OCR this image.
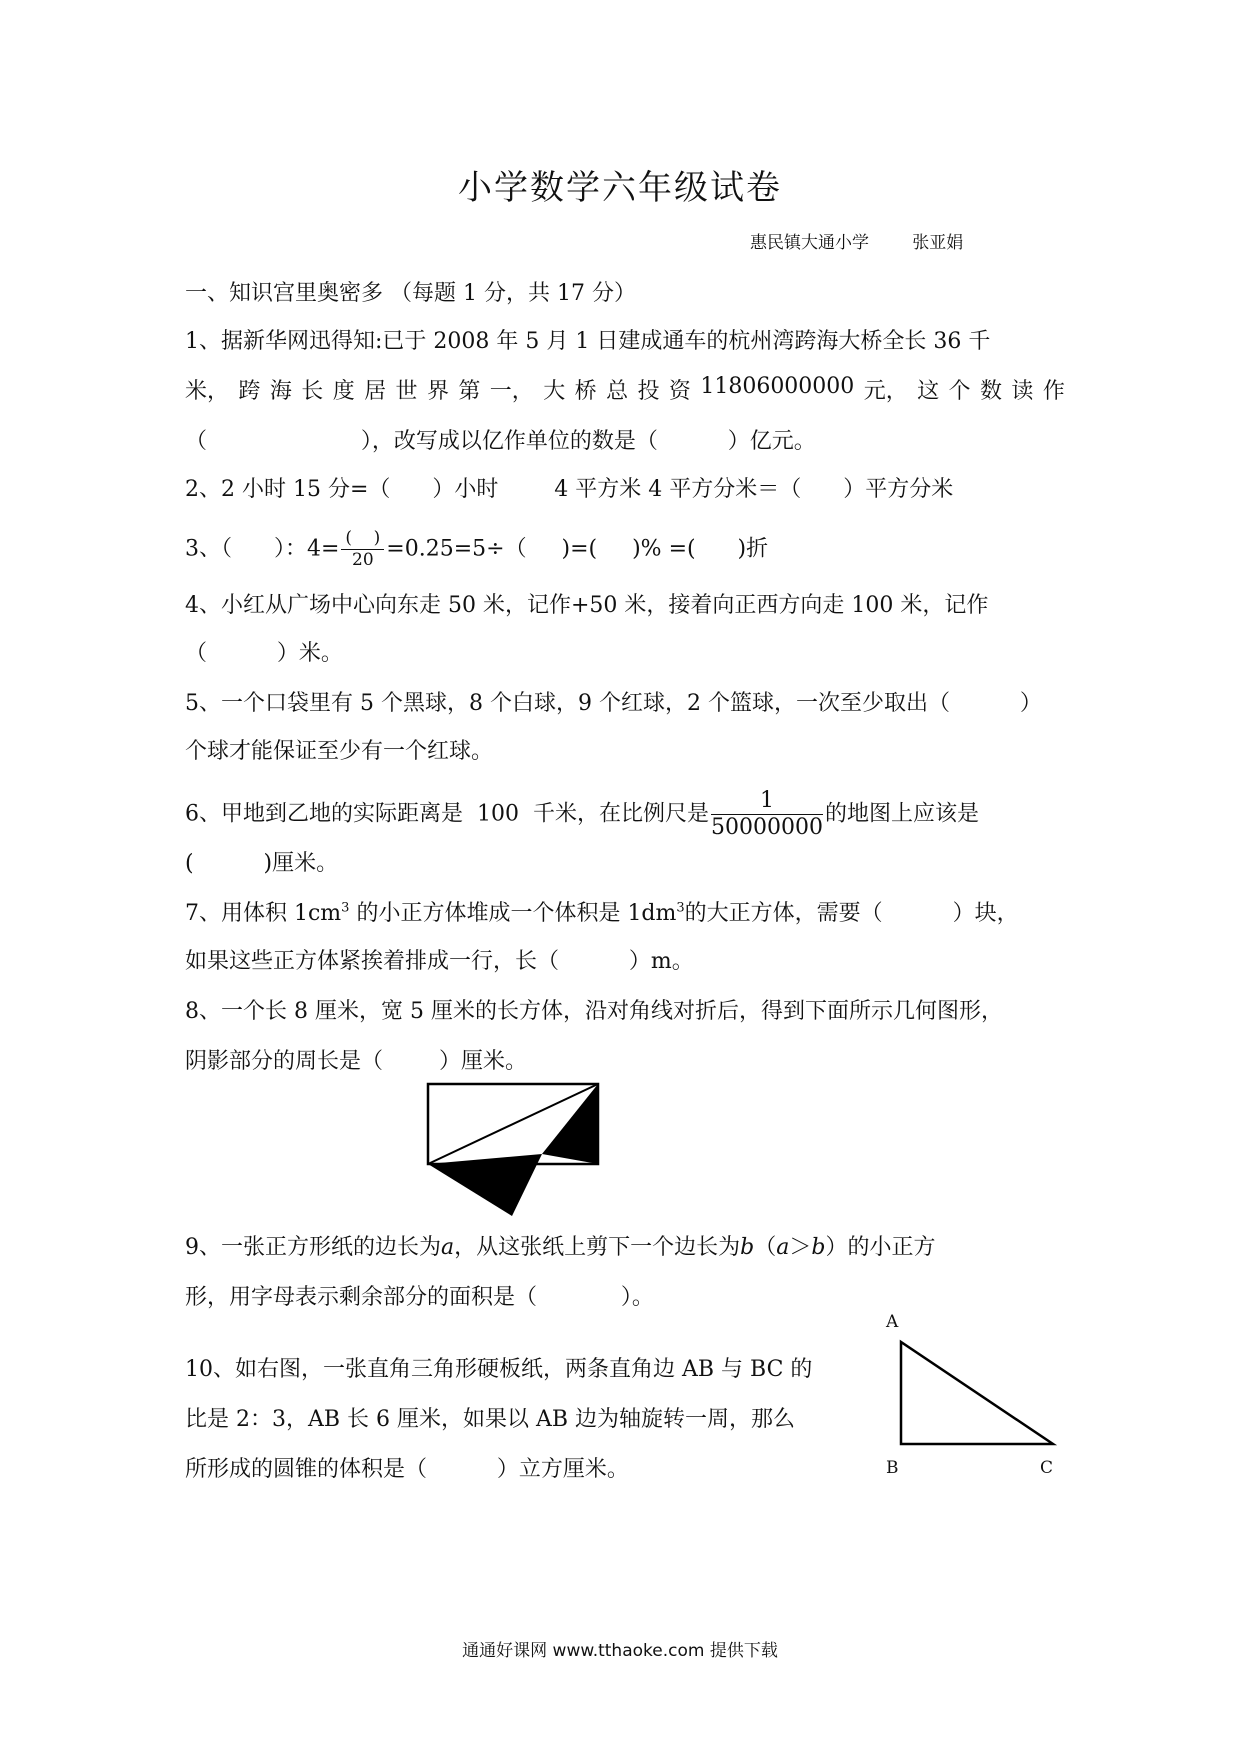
小学数学六年级试卷
惠民镇大通小学	张亚娟
一、知识宫里奥密多 （每题 1 分，共 17 分）
1、据新华网迅得知:已于 2008 年 5 月 1 日建成通车的杭州湾跨海大桥全长 36 千
米， 跨 海 长 度 居 世 界 第 一， 大 桥 总 投 资 11806000000 元， 这 个 数 读 作
（                      ），改写成以亿作单位的数是（          ）亿元。
2、2 小时 15 分=（      ）小时        4 平方米 4 平方分米＝（      ）平方分米
3、（      ）：$4= \frac{( )}{20} =0.25=5\div$（     )=(     )% =(      )折
4、小红从广场中心向东走 50 米，记作+50 米，接着向正西方向走 100 米，记作
（          ）米。
5、一个口袋里有 5 个黑球，8 个白球，9 个红球，2 个篮球，一次至少取出（          ）
个球才能保证至少有一个红球。
6、甲地到乙地的实际距离是  100  千米，在比例尺是 $\frac{1}{50000000}$ 的地图上应该是
(          )厘米。
7、用体积 $1cm^3$ 的小正方体堆成一个体积是 $1dm^3$的大正方体，需要（          ）块，
如果这些正方体紧挨着排成一行，长（          ）m。
8、一个长 8 厘米，宽 5 厘米的长方体，沿对角线对折后，得到下面所示几何图形，
阴影部分的周长是（        ）厘米。
9、一张正方形纸的边长为a，从这张纸上剪下一个边长为b（a＞b）的小正方
形，用字母表示剩余部分的面积是（            ）。
10、如右图，一张直角三角形硬板纸，两条直角边 AB 与 BC 的
比是 2：3，AB 长 6 厘米，如果以 AB 边为轴旋转一周，那么
所形成的圆锥的体积是（          ）立方厘米。
A
B	C
通通好课网 www.tthaoke.com 提供下载
